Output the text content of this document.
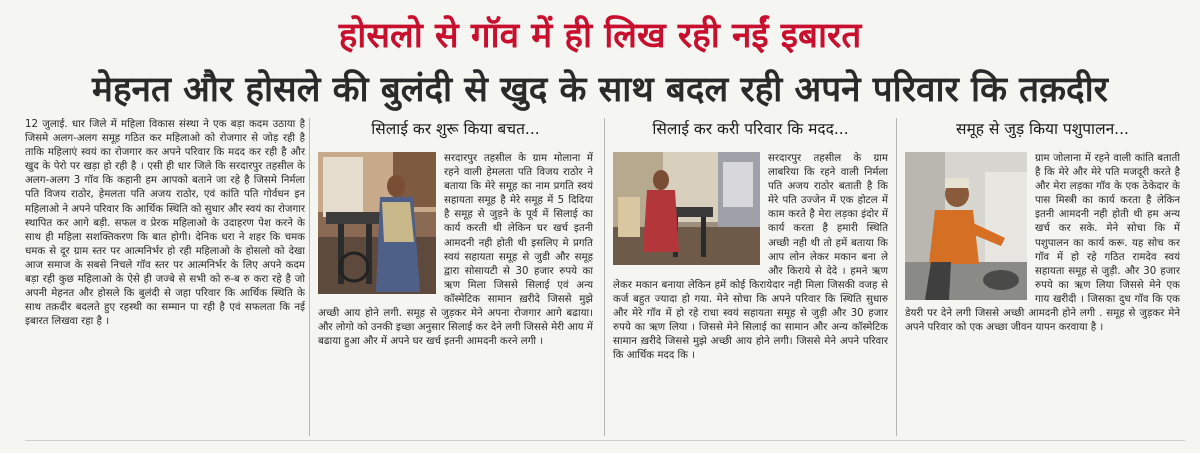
होसलो से गॉव में ही लिख रही नईं इबारत
मेहनत और होसले की बुलंदी से खुद के साथ बदल रही अपने परिवार कि तक़दीर

12 जुलाई. धार जिले में महिला विकास संस्था ने एक बड़ा कदम उठाया है जिसमे अलग-अलग समूह गठित कर महिलाओ को रोजगार से जोड़ रही है ताकि महिलाएं स्वयं का रोजगार कर अपने परिवार कि मदद कर रही है और खुद के पेरो पर खड़ा हो रही है । एसी ही धार जिले कि सरदारपुर तहसील के अलग-अलग 3 गॉव कि कहानी हम आपको बताने जा रहे है जिसमे निर्मला पति विजय राठोर, हेमलता पति अजय राठोर, एवं कांति पति गोर्वधन इन महिलाओ ने अपने परिवार कि आर्थिक स्थिति को सुधार और स्वयं का रोजगार स्थापित कर आगे बड़ी. सफल व प्रेरक महिलाओ के उदाहरण पेश करने के साथ ही महिला सशक्तिकरण कि बात होगी। देनिक धरा ने शहर कि चमक धमक से दूर ग्राम स्तर पर आत्मनिर्भर हो रही महिलाओ के होसलो को देखा आज समाज के सबसे निचले गॉव स्तर पर आत्मनिर्भर के लिए अपने कदम बड़ा रही कुछ महिलाओ के ऐसे ही जज्बे से सभी को रु-ब रु करा रहे है जो अपनी मेहनत और होसले कि बुलंदी से जहा परिवार कि आर्थिक स्थिति के साथ तक़दीर बदलते हुए रहस्थी का सम्मान पा रही है एवं सफलता कि नई इबारत लिखवा रहा है ।

सिलाई कर शुरू किया बचत...

सरदारपुर तहसील के ग्राम मोलाना में रहने वाली हेमलता पति विजय राठोर ने बताया कि मेरे समूह का नाम प्रगति स्वयं सहायता समूह है मेरे समूह में 5 दिदिया है समूह से जुड़ने के पूर्व में सिलाई का कार्य करती थी लेकिन घर खर्च इतनी आमदनी नही होती थी इसलिए मे प्रगति स्वयं सहायता समूह से जुडी और समूह द्वारा सोसायटी से 30 हजार रुपये का ऋण मिला जिससे सिलाई एवं अन्य कॉस्मेटिक सामान ख़रीदे जिससे मुझे अच्छी आय होने लगी. समूह से जुड़कर मेने अपना रोजगार आगे बढाया। और लोगो को उनकी इच्छा अनुसार सिलाई कर देने लगी जिससे मेरी आय में बढाया हुआ और में अपने घर खर्च इतनी आमदनी करने लगी ।

सिलाई कर करी परिवार कि मदद...

सरदारपुर तहसील के ग्राम लाबरिया कि रहने वाली निर्मला पति अजय राठोर बताती है कि मेरे पति उज्जेन में एक होटल में काम करते है मेरा लड़का इंदोर में कार्य करता है हमारी स्थिति अच्छी नही थी तो हमें बताया कि आप लोन लेकर मकान बना ले और किराये से देदे । हमने ऋण लेकर मकान बनाया लेकिन हमें कोई किरायेदार नही मिला जिसकी वजह से कर्ज बहुत ज्यादा हो गया. मेने सोचा कि अपने परिवार कि स्थिति सुधारु और मेरे गॉव में हो रहे राधा स्वयं सहायता समूह से जुड़ी और 30 हजार रुपये का ऋण लिया । जिससे मेने सिलाई का सामान और अन्य कॉस्मेटिक सामान ख़रीदे जिससे मुझे अच्छी आय होने लगी। जिससे मेने अपने परिवार कि आर्थिक मदद कि ।

समूह से जुड़ किया पशुपालन...

ग्राम जोलाना में रहने वाली कांति बताती है कि मेरे और मेरे पति मजदूरी करते है और मेरा लड़का गॉव के एक ठेकेदार के पास मिस्त्री का कार्य करता है लेकिन इतनी आमदनी नही होती थी हम अन्य खर्च कर सके. मेने सोचा कि में पशुपालन का कार्य करू. यह सोच कर गॉव में हो रहे गठित रामदेव स्वयं सहायता समूह से जुड़ी. और 30 हजार रुपये का ऋण लिया जिससे मेने एक गाय खरीदी । जिसका दुध गॉव कि एक डेयरी पर देने लगी जिससे अच्छी आमदनी होने लगी . समूह से जुड़कर मेने अपने परिवार को एक अच्छा जीवन यापन करवाया है ।
